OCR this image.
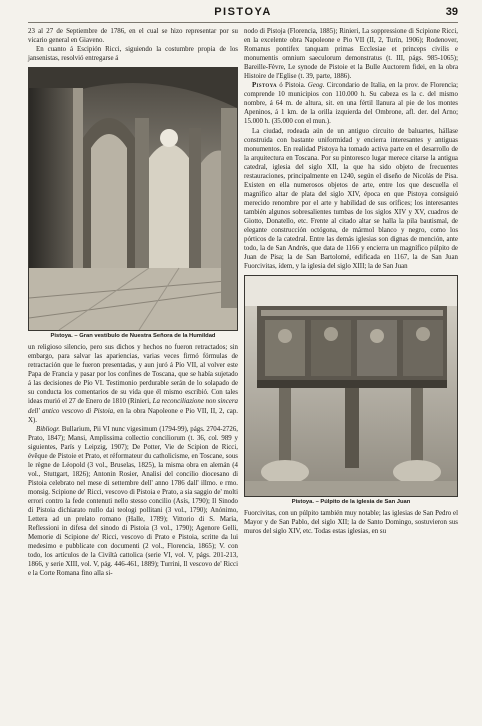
PISTOYA	39

23 al 27 de Septiembre de 1786, en el cual se hizo representar por su vicario general en Giaveno.

En cuanto á Escipión Ricci, siguiendo la costumbre propia de los jansenistas, resolvió entregarse á

Pistoya. – Gran vestíbulo de Nuestra Señora de la Humildad

un religioso silencio, pero sus dichos y hechos no fueron retractados; sin embargo, para salvar las apariencias, varias veces firmó fórmulas de retractación que le fueron presentadas, y aun juró á Pío VII, al volver este Papa de Francia y pasar por los confines de Toscana, que se había sujetado á las decisiones de Pío VI. Testimonio perdurable serán de lo solapado de su conducta los comentarios de su vida que él mismo escribió. Con tales ideas murió el 27 de Enero de 1810 (Rinieri, La reconciliazione non sincera dell' antico vescovo di Pistoia, en la obra Napoleone e Pio VII, II, 2, cap. X).

Bibliogr. Bullarium, Pii VI nunc vigesimum (1794-99), págs. 2704-2726, Prato, 1847); Mansi, Amplissima collectio conciliorum (t. 36, col. 989 y siguientes, París y Leipzig, 1907); De Potter, Vie de Scipion de Ricci, évêque de Pistoie et Prato, et réformateur du catholicisme, en Toscane, sous le règne de Léopold (3 vol., Bruselas, 1825), la misma obra en alemán (4 vol., Stuttgart, 1826); Antonin Rosier, Analisi del concilio diocesano di Pistoia celebrato nel mese di settembre dell' anno 1786 dall' illmo. e rmo. monsig. Scipione de' Ricci, vescovo di Pistoia e Prato, a sia saggio de' molti errori contro la fede contenuti nello stesso concilio (Asís, 1790); Il Sinodo di Pistoia dichiarato nullo dai teologi pollitani (3 vol., 1790); Anónimo, Lettera ad un prelato romano (Halle, 1789); Vittorio di S. María, Reflessioni in difesa del sinodo di Pistoia (3 vol., 1790); Agenore Gelli, Memorie di Scipione de' Ricci, vescovo di Prato e Pistoia, scritte da lui medesimo e pubblicate con documenti (2 vol., Florencia, 1865); V. con todo, los artículos de la Civiltà cattolica (serie VI, vol. V, págs. 201-213, 1866, y serie XIII, vol. V, pág. 446-461, 1889); Turrini, Il vescovo de' Ricci e la Corte Romana fino alla si-

nodo di Pistoja (Florencia, 1885); Rinieri, La soppressione di Scipione Ricci, en la excelente obra Napoleone e Pio VII (II, 2, Turín, 1906); Rodenover, Romanus pontifex tanquam primas Ecclesiae et princeps civilis e monumentis omnium saeculorum demonstratus (t. III, págs. 985-1065); Bareille-Fèvre, Le synode de Pistoie et la Bulle Auctorem fidei, en la obra Histoire de l'Eglise (t. 39, parte, 1886).

Pistoya ó Pistoia. Geog. Circondario de Italia, en la prov. de Florencia; comprende 10 municipios con 110.000 h. Su cabeza es la c. del mismo nombre, á 64 m. de altura, sit. en una fértil llanura al pie de los montes Apeninos, á 1 km. de la orilla izquierda del Ombrone, afl. der. del Arno; 15.000 h. (35.000 con el mun.).

La ciudad, rodeada aún de un antiguo circuito de baluartes, hállase construida con bastante uniformidad y encierra interesantes y antiguas monumentos. En realidad Pistoya ha tomado activa parte en el desarrollo de la arquitectura en Toscana. Por su pintoresco lugar merece citarse la antigua catedral, iglesia del siglo XII, la que ha sido objeto de frecuentes restauraciones, principalmente en 1240, según el diseño de Nicolás de Pisa. Existen en ella numerosos objetos de arte, entre los que descuella el magnífico altar de plata del siglo XIV, época en que Pistoya consiguió merecido renombre por el arte y habilidad de sus orífices; los interesantes también algunos sobresalientes tumbas de los siglos XIV y XV, cuadros de Giotto, Donatello, etc. Frente al citado altar se halla la pila bautismal, de elegante construcción octógona, de mármol blanco y negro, como los pórticos de la catedral. Entre las demás iglesias son dignas de mención, ante todo, la de San Andrés, que data de 1166 y encierra un magnífico púlpito de Juan de Pisa; la de San Bartolomé, edificada en 1167, la de San Juan Fuorcivitas, ídem, y la iglesia del siglo XIII; la de San Juan

Pistoya. – Púlpito de la iglesia de San Juan

Fuorcivitas, con un púlpito también muy notable; las iglesias de San Pedro el Mayor y de San Pablo, del siglo XII; la de Santo Domingo, sostuvieron sus muros del siglo XIV, etc. Todas estas iglesias, en su
